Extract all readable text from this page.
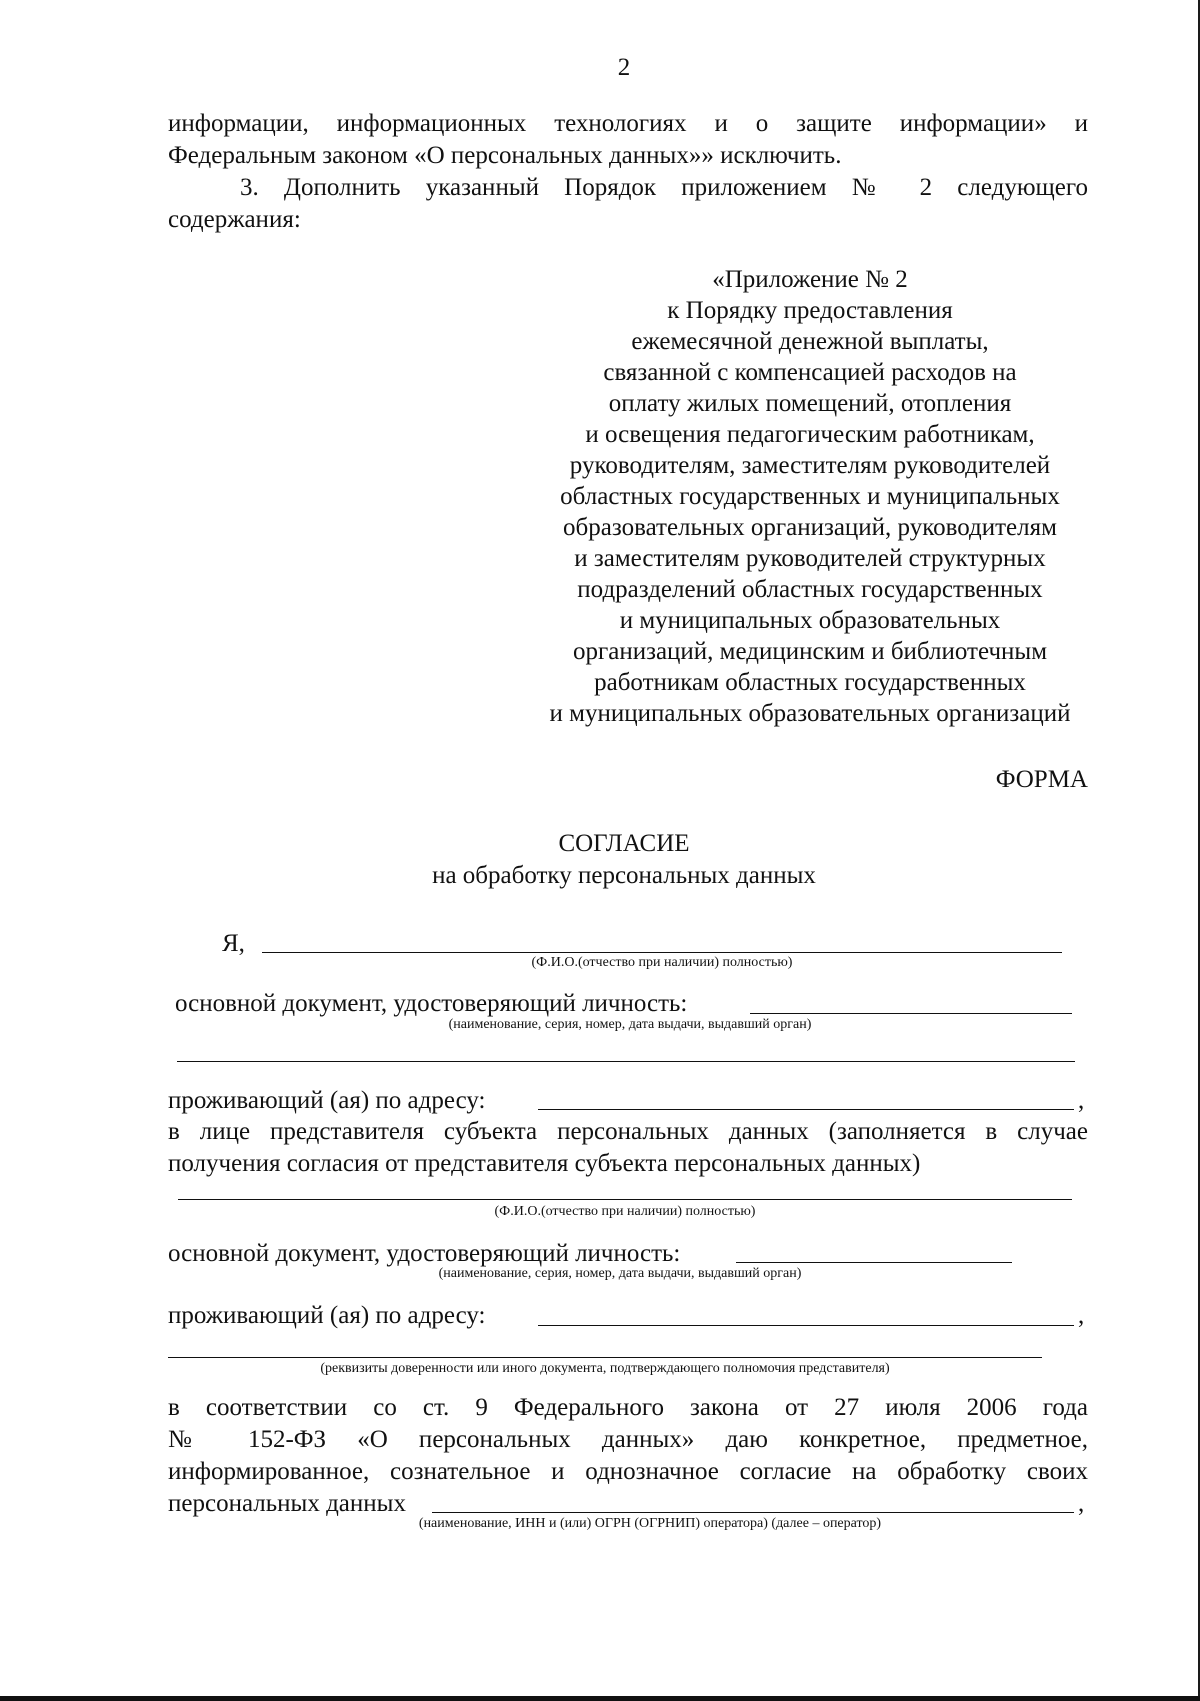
2
информации, информационных технологиях и о защите информации» и
Федеральным законом «О персональных данных»» исключить.
3. Дополнить указанный Порядок приложением № 2 следующего
содержания:
«Приложение № 2
к Порядку предоставления
ежемесячной денежной выплаты,
связанной с компенсацией расходов на
оплату жилых помещений, отопления
и освещения педагогическим работникам,
руководителям, заместителям руководителей
областных государственных и муниципальных
образовательных организаций, руководителям
и заместителям руководителей структурных
подразделений областных государственных
и муниципальных образовательных
организаций, медицинским и библиотечным
работникам областных государственных
и муниципальных образовательных организаций
ФОРМА
СОГЛАСИЕ
на обработку персональных данных
Я,
(Ф.И.О.(отчество при наличии) полностью)
основной документ, удостоверяющий личность:
(наименование, серия, номер, дата выдачи, выдавший орган)
проживающий (ая) по адресу:	,
в лице представителя субъекта персональных данных (заполняется в случае
получения согласия от представителя субъекта персональных данных)
(Ф.И.О.(отчество при наличии) полностью)
основной документ, удостоверяющий личность:
(наименование, серия, номер, дата выдачи, выдавший орган)
проживающий (ая) по адресу:	,
(реквизиты доверенности или иного документа, подтверждающего полномочия представителя)
в соответствии со ст. 9 Федерального закона от 27 июля 2006 года
№ 152-ФЗ «О персональных данных» даю конкретное, предметное,
информированное, сознательное и однозначное согласие на обработку своих
персональных данных	,
(наименование, ИНН и (или) ОГРН (ОГРНИП) оператора) (далее – оператор)
